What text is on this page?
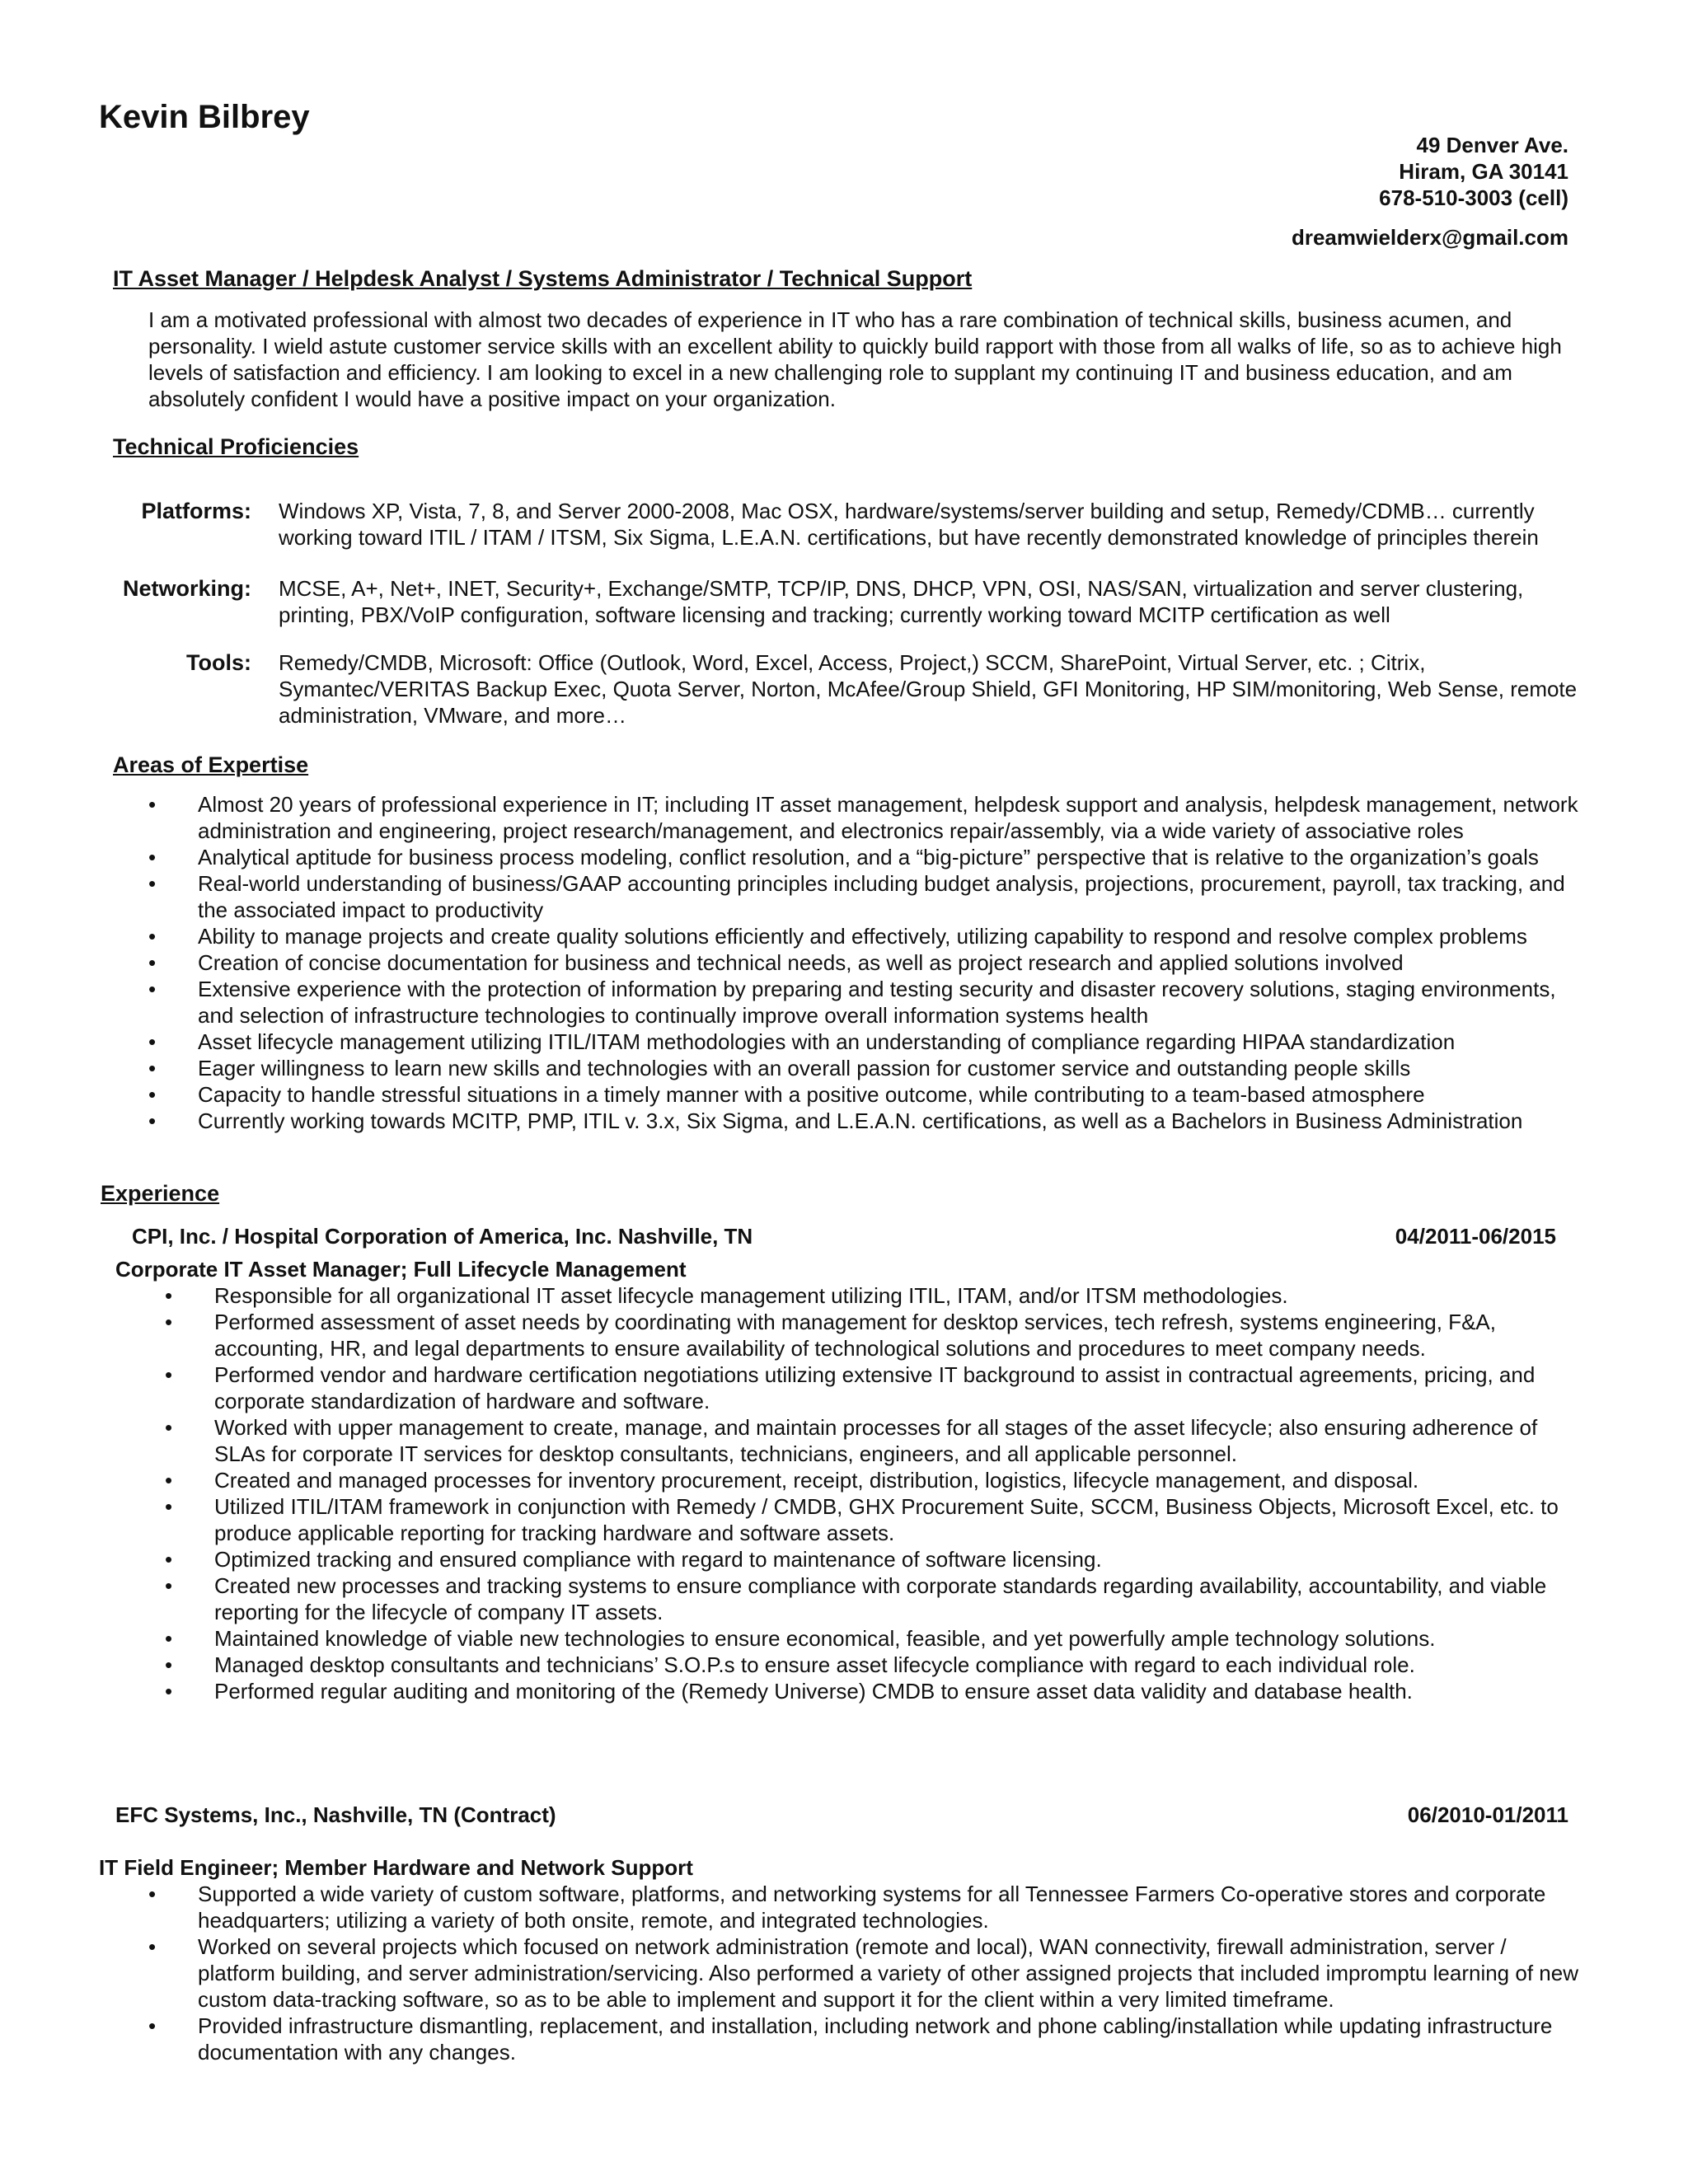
Kevin Bilbrey
49 Denver Ave.
Hiram, GA 30141
678-510-3003 (cell)
dreamwielderx@gmail.com
IT Asset Manager / Helpdesk Analyst / Systems Administrator / Technical Support
I am a motivated professional with almost two decades of experience in IT who has a rare combination of technical skills, business acumen, and personality. I wield astute customer service skills with an excellent ability to quickly build rapport with those from all walks of life, so as to achieve high levels of satisfaction and efficiency. I am looking to excel in a new challenging role to supplant my continuing IT and business education, and am absolutely confident I would have a positive impact on your organization.
Technical Proficiencies
Platforms: Windows XP, Vista, 7, 8, and Server 2000-2008, Mac OSX, hardware/systems/server building and setup, Remedy/CDMB… currently working toward ITIL / ITAM / ITSM, Six Sigma, L.E.A.N. certifications, but have recently demonstrated knowledge of principles therein
Networking: MCSE, A+, Net+, INET, Security+, Exchange/SMTP, TCP/IP, DNS, DHCP, VPN, OSI, NAS/SAN, virtualization and server clustering, printing, PBX/VoIP configuration, software licensing and tracking; currently working toward MCITP certification as well
Tools: Remedy/CMDB, Microsoft: Office (Outlook, Word, Excel, Access, Project,) SCCM, SharePoint, Virtual Server, etc. ; Citrix, Symantec/VERITAS Backup Exec, Quota Server, Norton, McAfee/Group Shield, GFI Monitoring, HP SIM/monitoring, Web Sense, remote administration, VMware, and more…
Areas of Expertise
• Almost 20 years of professional experience in IT; including IT asset management, helpdesk support and analysis, helpdesk management, network administration and engineering, project research/management, and electronics repair/assembly, via a wide variety of associative roles
• Analytical aptitude for business process modeling, conflict resolution, and a “big-picture” perspective that is relative to the organization’s goals
• Real-world understanding of business/GAAP accounting principles including budget analysis, projections, procurement, payroll, tax tracking, and the associated impact to productivity
• Ability to manage projects and create quality solutions efficiently and effectively, utilizing capability to respond and resolve complex problems
• Creation of concise documentation for business and technical needs, as well as project research and applied solutions involved
• Extensive experience with the protection of information by preparing and testing security and disaster recovery solutions, staging environments, and selection of infrastructure technologies to continually improve overall information systems health
• Asset lifecycle management utilizing ITIL/ITAM methodologies with an understanding of compliance regarding HIPAA standardization
• Eager willingness to learn new skills and technologies with an overall passion for customer service and outstanding people skills
• Capacity to handle stressful situations in a timely manner with a positive outcome, while contributing to a team-based atmosphere
• Currently working towards MCITP, PMP, ITIL v. 3.x, Six Sigma, and L.E.A.N. certifications, as well as a Bachelors in Business Administration
Experience
CPI, Inc. / Hospital Corporation of America, Inc. Nashville, TN	04/2011-06/2015
Corporate IT Asset Manager; Full Lifecycle Management
• Responsible for all organizational IT asset lifecycle management utilizing ITIL, ITAM, and/or ITSM methodologies.
• Performed assessment of asset needs by coordinating with management for desktop services, tech refresh, systems engineering, F&A, accounting, HR, and legal departments to ensure availability of technological solutions and procedures to meet company needs.
• Performed vendor and hardware certification negotiations utilizing extensive IT background to assist in contractual agreements, pricing, and corporate standardization of hardware and software.
• Worked with upper management to create, manage, and maintain processes for all stages of the asset lifecycle; also ensuring adherence of SLAs for corporate IT services for desktop consultants, technicians, engineers, and all applicable personnel.
• Created and managed processes for inventory procurement, receipt, distribution, logistics, lifecycle management, and disposal.
• Utilized ITIL/ITAM framework in conjunction with Remedy / CMDB, GHX Procurement Suite, SCCM, Business Objects, Microsoft Excel, etc. to produce applicable reporting for tracking hardware and software assets.
• Optimized tracking and ensured compliance with regard to maintenance of software licensing.
• Created new processes and tracking systems to ensure compliance with corporate standards regarding availability, accountability, and viable reporting for the lifecycle of company IT assets.
• Maintained knowledge of viable new technologies to ensure economical, feasible, and yet powerfully ample technology solutions.
• Managed desktop consultants and technicians’ S.O.P.s to ensure asset lifecycle compliance with regard to each individual role.
• Performed regular auditing and monitoring of the (Remedy Universe) CMDB to ensure asset data validity and database health.
EFC Systems, Inc., Nashville, TN (Contract)	06/2010-01/2011
IT Field Engineer; Member Hardware and Network Support
• Supported a wide variety of custom software, platforms, and networking systems for all Tennessee Farmers Co-operative stores and corporate headquarters; utilizing a variety of both onsite, remote, and integrated technologies.
• Worked on several projects which focused on network administration (remote and local), WAN connectivity, firewall administration, server / platform building, and server administration/servicing. Also performed a variety of other assigned projects that included impromptu learning of new custom data-tracking software, so as to be able to implement and support it for the client within a very limited timeframe.
• Provided infrastructure dismantling, replacement, and installation, including network and phone cabling/installation while updating infrastructure documentation with any changes.
